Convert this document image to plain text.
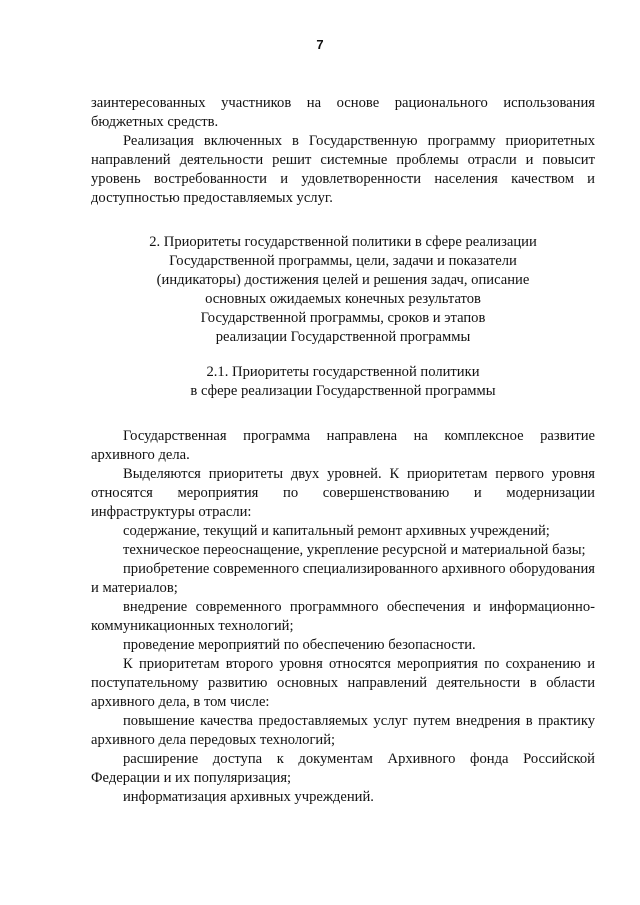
7

заинтересованных участников на основе рационального использования бюджетных средств.

Реализация включенных в Государственную программу приоритетных направлений деятельности решит системные проблемы отрасли и повысит уровень востребованности и удовлетворенности населения качеством и доступностью предоставляемых услуг.

2. Приоритеты государственной политики в сфере реализации
Государственной программы, цели, задачи и показатели
(индикаторы) достижения целей и решения задач, описание
основных ожидаемых конечных результатов
Государственной программы, сроков и этапов
реализации Государственной программы
2.1. Приоритеты государственной политики
в сфере реализации Государственной программы

Государственная программа направлена на комплексное развитие архивного дела.

Выделяются приоритеты двух уровней. К приоритетам первого уровня относятся мероприятия по совершенствованию и модернизации инфраструктуры отрасли:

содержание, текущий и капитальный ремонт архивных учреждений;

техническое переоснащение, укрепление ресурсной и материальной базы;

приобретение современного специализированного архивного оборудования и материалов;

внедрение современного программного обеспечения и информационно-коммуникационных технологий;

проведение мероприятий по обеспечению безопасности.

К приоритетам второго уровня относятся мероприятия по сохранению и поступательному развитию основных направлений деятельности в области архивного дела, в том числе:

повышение качества предоставляемых услуг путем внедрения в практику архивного дела передовых технологий;

расширение доступа к документам Архивного фонда Российской Федерации и их популяризация;

информатизация архивных учреждений.
